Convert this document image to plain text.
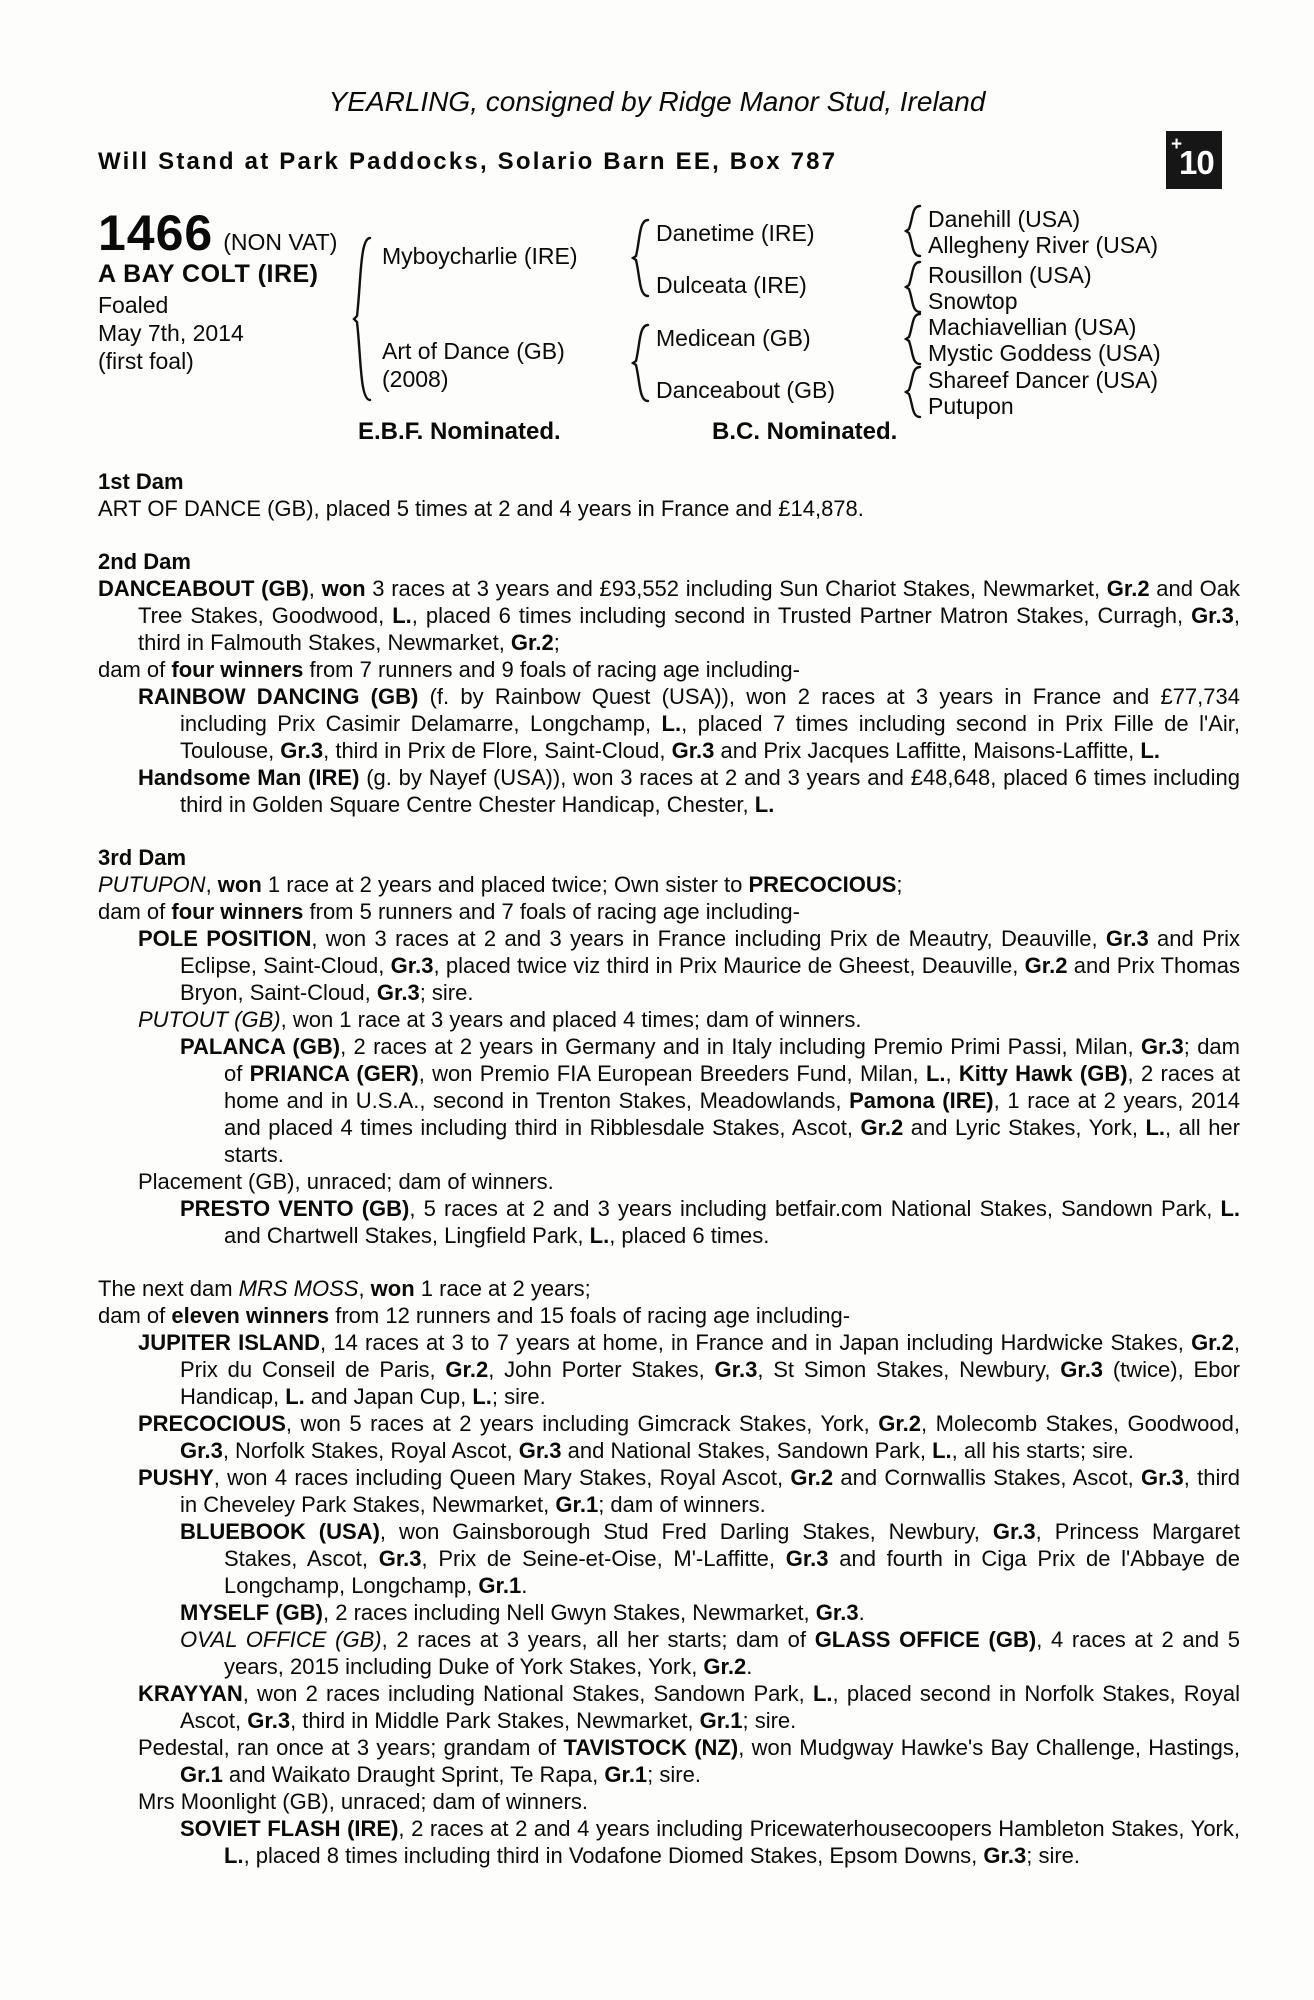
YEARLING, consigned by Ridge Manor Stud, Ireland
Will Stand at Park Paddocks, Solario Barn EE, Box 787
+
10
1466 (NON VAT)
A BAY COLT (IRE)
Foaled
May 7th, 2014
(first foal)
Myboycharlie (IRE)
Art of Dance (GB)
(2008)
Danetime (IRE)
Dulceata (IRE)
Medicean (GB)
Danceabout (GB)
Danehill (USA)
Allegheny River (USA)
Rousillon (USA)
Snowtop
Machiavellian (USA)
Mystic Goddess (USA)
Shareef Dancer (USA)
Putupon
E.B.F. Nominated.	B.C. Nominated.
1st Dam
ART OF DANCE (GB), placed 5 times at 2 and 4 years in France and £14,878.
2nd Dam
DANCEABOUT (GB), won 3 races at 3 years and £93,552 including Sun Chariot Stakes, Newmarket, Gr.2 and Oak Tree Stakes, Goodwood, L., placed 6 times including second in Trusted Partner Matron Stakes, Curragh, Gr.3, third in Falmouth Stakes, Newmarket, Gr.2;
dam of four winners from 7 runners and 9 foals of racing age including-
RAINBOW DANCING (GB) (f. by Rainbow Quest (USA)), won 2 races at 3 years in France and £77,734 including Prix Casimir Delamarre, Longchamp, L., placed 7 times including second in Prix Fille de l'Air, Toulouse, Gr.3, third in Prix de Flore, Saint-Cloud, Gr.3 and Prix Jacques Laffitte, Maisons-Laffitte, L.
Handsome Man (IRE) (g. by Nayef (USA)), won 3 races at 2 and 3 years and £48,648, placed 6 times including third in Golden Square Centre Chester Handicap, Chester, L.
3rd Dam
PUTUPON, won 1 race at 2 years and placed twice; Own sister to PRECOCIOUS;
dam of four winners from 5 runners and 7 foals of racing age including-
POLE POSITION, won 3 races at 2 and 3 years in France including Prix de Meautry, Deauville, Gr.3 and Prix Eclipse, Saint-Cloud, Gr.3, placed twice viz third in Prix Maurice de Gheest, Deauville, Gr.2 and Prix Thomas Bryon, Saint-Cloud, Gr.3; sire.
PUTOUT (GB), won 1 race at 3 years and placed 4 times; dam of winners.
PALANCA (GB), 2 races at 2 years in Germany and in Italy including Premio Primi Passi, Milan, Gr.3; dam of PRIANCA (GER), won Premio FIA European Breeders Fund, Milan, L., Kitty Hawk (GB), 2 races at home and in U.S.A., second in Trenton Stakes, Meadowlands, Pamona (IRE), 1 race at 2 years, 2014 and placed 4 times including third in Ribblesdale Stakes, Ascot, Gr.2 and Lyric Stakes, York, L., all her starts.
Placement (GB), unraced; dam of winners.
PRESTO VENTO (GB), 5 races at 2 and 3 years including betfair.com National Stakes, Sandown Park, L. and Chartwell Stakes, Lingfield Park, L., placed 6 times.
The next dam MRS MOSS, won 1 race at 2 years;
dam of eleven winners from 12 runners and 15 foals of racing age including-
JUPITER ISLAND, 14 races at 3 to 7 years at home, in France and in Japan including Hardwicke Stakes, Gr.2, Prix du Conseil de Paris, Gr.2, John Porter Stakes, Gr.3, St Simon Stakes, Newbury, Gr.3 (twice), Ebor Handicap, L. and Japan Cup, L.; sire.
PRECOCIOUS, won 5 races at 2 years including Gimcrack Stakes, York, Gr.2, Molecomb Stakes, Goodwood, Gr.3, Norfolk Stakes, Royal Ascot, Gr.3 and National Stakes, Sandown Park, L., all his starts; sire.
PUSHY, won 4 races including Queen Mary Stakes, Royal Ascot, Gr.2 and Cornwallis Stakes, Ascot, Gr.3, third in Cheveley Park Stakes, Newmarket, Gr.1; dam of winners.
BLUEBOOK (USA), won Gainsborough Stud Fred Darling Stakes, Newbury, Gr.3, Princess Margaret Stakes, Ascot, Gr.3, Prix de Seine-et-Oise, M'-Laffitte, Gr.3 and fourth in Ciga Prix de l'Abbaye de Longchamp, Longchamp, Gr.1.
MYSELF (GB), 2 races including Nell Gwyn Stakes, Newmarket, Gr.3.
OVAL OFFICE (GB), 2 races at 3 years, all her starts; dam of GLASS OFFICE (GB), 4 races at 2 and 5 years, 2015 including Duke of York Stakes, York, Gr.2.
KRAYYAN, won 2 races including National Stakes, Sandown Park, L., placed second in Norfolk Stakes, Royal Ascot, Gr.3, third in Middle Park Stakes, Newmarket, Gr.1; sire.
Pedestal, ran once at 3 years; grandam of TAVISTOCK (NZ), won Mudgway Hawke's Bay Challenge, Hastings, Gr.1 and Waikato Draught Sprint, Te Rapa, Gr.1; sire.
Mrs Moonlight (GB), unraced; dam of winners.
SOVIET FLASH (IRE), 2 races at 2 and 4 years including Pricewaterhousecoopers Hambleton Stakes, York, L., placed 8 times including third in Vodafone Diomed Stakes, Epsom Downs, Gr.3; sire.
